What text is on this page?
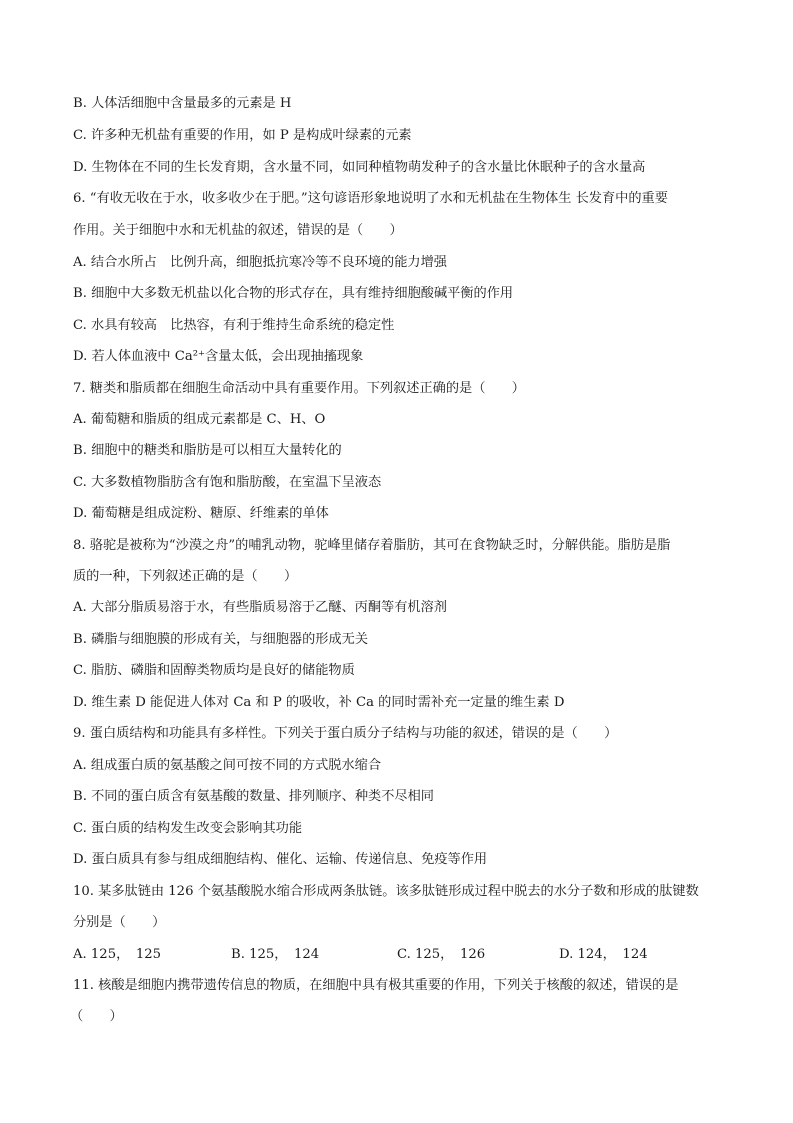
B. 人体活细胞中含量最多的元素是 H
C. 许多种无机盐有重要的作用，如 P 是构成叶绿素的元素
D. 生物体在不同的生长发育期，含水量不同，如同种植物萌发种子的含水量比休眠种子的含水量高
6. “有收无收在于水，收多收少在于肥。”这句谚语形象地说明了水和无机盐在生物体生 长发育中的重要
作用。关于细胞中水和无机盐的叙述，错误的是（　　）
A. 结合水所占　比例升高，细胞抵抗寒冷等不良环境的能力增强
B. 细胞中大多数无机盐以化合物的形式存在，具有维持细胞酸碱平衡的作用
C. 水具有较高　比热容，有利于维持生命系统的稳定性
D. 若人体血液中 Ca²⁺含量太低，会出现抽搐现象
7. 糖类和脂质都在细胞生命活动中具有重要作用。下列叙述正确的是（　　）
A. 葡萄糖和脂质的组成元素都是 C、H、O
B. 细胞中的糖类和脂肪是可以相互大量转化的
C. 大多数植物脂肪含有饱和脂肪酸，在室温下呈液态
D. 葡萄糖是组成淀粉、糖原、纤维素的单体
8. 骆驼是被称为“沙漠之舟”的哺乳动物，驼峰里储存着脂肪，其可在食物缺乏时，分解供能。脂肪是脂
质的一种，下列叙述正确的是（　　）
A. 大部分脂质易溶于水，有些脂质易溶于乙醚、丙酮等有机溶剂
B. 磷脂与细胞膜的形成有关，与细胞器的形成无关
C. 脂肪、磷脂和固醇类物质均是良好的储能物质
D. 维生素 D 能促进人体对 Ca 和 P 的吸收，补 Ca 的同时需补充一定量的维生素 D
9. 蛋白质结构和功能具有多样性。下列关于蛋白质分子结构与功能的叙述，错误的是（　　）
A. 组成蛋白质的氨基酸之间可按不同的方式脱水缩合
B. 不同的蛋白质含有氨基酸的数量、排列顺序、种类不尽相同
C. 蛋白质的结构发生改变会影响其功能
D. 蛋白质具有参与组成细胞结构、催化、运输、传递信息、免疫等作用
10. 某多肽链由 126 个氨基酸脱水缩合形成两条肽链。该多肽链形成过程中脱去的水分子数和形成的肽键数
分别是（　　）
A. 125，　125	B. 125，　124	C. 125，　126	D. 124，　124
11. 核酸是细胞内携带遗传信息的物质，在细胞中具有极其重要的作用，下列关于核酸的叙述，错误的是
（　　）
